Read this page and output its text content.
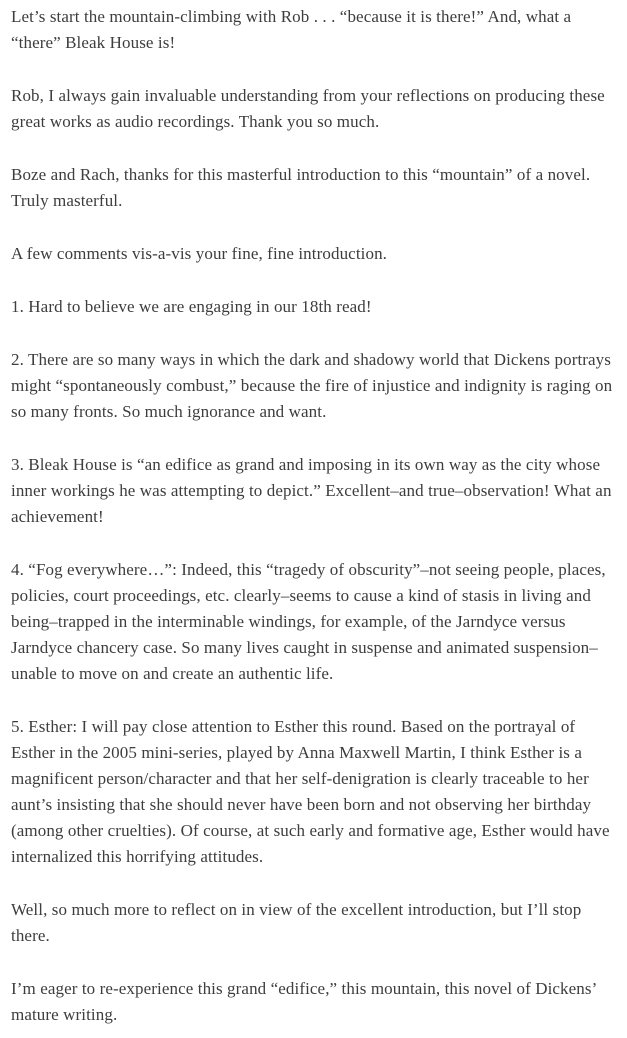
Let’s start the mountain-climbing with Rob . . . “because it is there!” And, what a “there” Bleak House is!

Rob, I always gain invaluable understanding from your reflections on producing these great works as audio recordings. Thank you so much.

Boze and Rach, thanks for this masterful introduction to this “mountain” of a novel. Truly masterful.

A few comments vis-a-vis your fine, fine introduction.

1. Hard to believe we are engaging in our 18th read!

2. There are so many ways in which the dark and shadowy world that Dickens portrays might “spontaneously combust,” because the fire of injustice and indignity is raging on so many fronts. So much ignorance and want.

3. Bleak House is “an edifice as grand and imposing in its own way as the city whose inner workings he was attempting to depict.” Excellent–and true–observation! What an achievement!

4. “Fog everywhere…”: Indeed, this “tragedy of obscurity”–not seeing people, places, policies, court proceedings, etc. clearly–seems to cause a kind of stasis in living and being–trapped in the interminable windings, for example, of the Jarndyce versus Jarndyce chancery case. So many lives caught in suspense and animated suspension–unable to move on and create an authentic life.

5. Esther: I will pay close attention to Esther this round. Based on the portrayal of Esther in the 2005 mini-series, played by Anna Maxwell Martin, I think Esther is a magnificent person/character and that her self-denigration is clearly traceable to her aunt’s insisting that she should never have been born and not observing her birthday (among other cruelties). Of course, at such early and formative age, Esther would have internalized this horrifying attitudes.

Well, so much more to reflect on in view of the excellent introduction, but I’ll stop there.

I’m eager to re-experience this grand “edifice,” this mountain, this novel of Dickens’ mature writing.
